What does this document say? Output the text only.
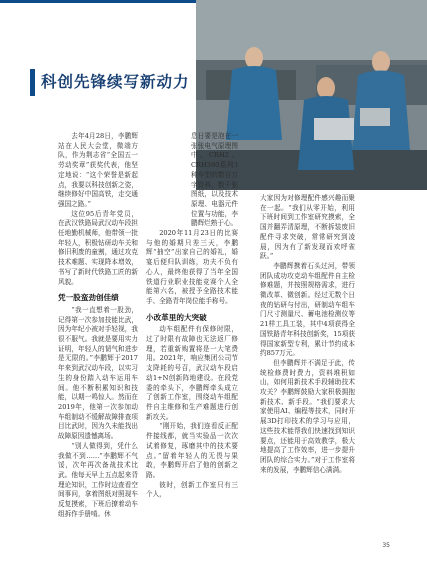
科创先锋续写新动力

去年4月28日，李鹏辉站在人民大会堂，微端方队，作为荆志省“全国五一劳动奖章”获奖代表，他坚定地说：“这个荣誉是新起点，我要以科技创新之姿，继续修好中国高铁，走交通强国之路。”

这位95后青年党员，在武汉铁路局武汉动车段担任地勤机械师，他带领一批年轻人，积极钻研动车关和修旧利废的童割，通过攻克技术难题、实现降本增效，书写了新时代铁路工匠的新风貌。

凭一股蛮劲创佳绩

“我一直想着一股劲，记得第一次参加技能比武，因为年纪小被对手轻视，我很不服气。我就是要用实力证明，年轻人的韧气和进步是无限的。”李鹏辉于2017年来到武汉动车段，以实习生的身份踏入动车运用车间。他不断积累知识和技能，以期一鸣惊人。然而在2019年，他第一次参加动车组制动不缓解故障排查项目比武时，因为久未能找出故障原因遗憾离场。

“别人做得到，凭什么我做不到……”李鹏辉不气馁，次年再次备战技术比武。他每天早上五点起来背理论知识，工作时边查看空间事问，拿着图纸对照现车反复摸索，下班后撩着动车组拆作手册啃。休

息日要是泡在一张张电气原理图中。CRH2、CRH380系列3种车型的数百万字资料，数千张图纸，以及技术原理、电器元件位置与功能，李鹏辉烂熟于心。

2020年11月23日的比赛与他的婚期只差三天，李鹏辉“抽空”出家自己的婚礼，婚宴后便归队训练，功夫不负有心人，最终他获得了当年全国铁道行业职业技能竞赛个人全能第六名，被授予全路技术能手、全路青年岗位能手称号。

小改革里的大突破

动车组配件有保修时限，过了时限有故障也无法返厂修理，若重新购置将是一大笔费用。2021年，响应集团公司节支降耗的号召，武汉动车段启动1+N创新阵地建设。在段党委的牵头下，李鹏辉牵头成立了创新工作室，围绕动车组配件自主维修和生产难题进行创新攻关。

“刚开始，我们连看反正配件接线都，就当实验品一次次试着修复，琢磨其中的技术要点。”留着年轻人的无畏与果敢，李鹏辉开启了他的创新之路。

彼时，创新工作室只有三个人，

大家因为对修理配件感兴趣而聚在一起。“我们从零开始，利用下班时间到工作室研究摸索，全国并翻弄清原理，不断拆装废旧配件寻求突破，常常研究到凌晨，因为有了新发现而欢呼雀跃。”

李鹏辉携着石头过河，带领团队成功攻克动车组配件自主检修难题，并按照规格需求，进行微改革、微创新。经过无数个日夜的钻研与付出，研制动车组车门尺寸测量尺、蓄电池检测仪等21样工具工装，其中4项获得全国铁路青年科技创新奖，15项获得国家新型专利，累计节约成本约857万元。

但李鹏辉并不满足于此，传统检修费时费力，资料堆积如山，如何用新技术手段辅助技术攻关？李鹏辉鼓励大家积极拥抱新技术、新手段。“我们要求大家使用AI、编程等技术，同时开展3D打印技术的学习与应用，这些技术能帮我们快速找到知识要点，还能用于高效教学，极大地提高了工作效率，进一步提升团队的综合实力。”对于工作室将来的发展，李鹏辉信心满满。

35
